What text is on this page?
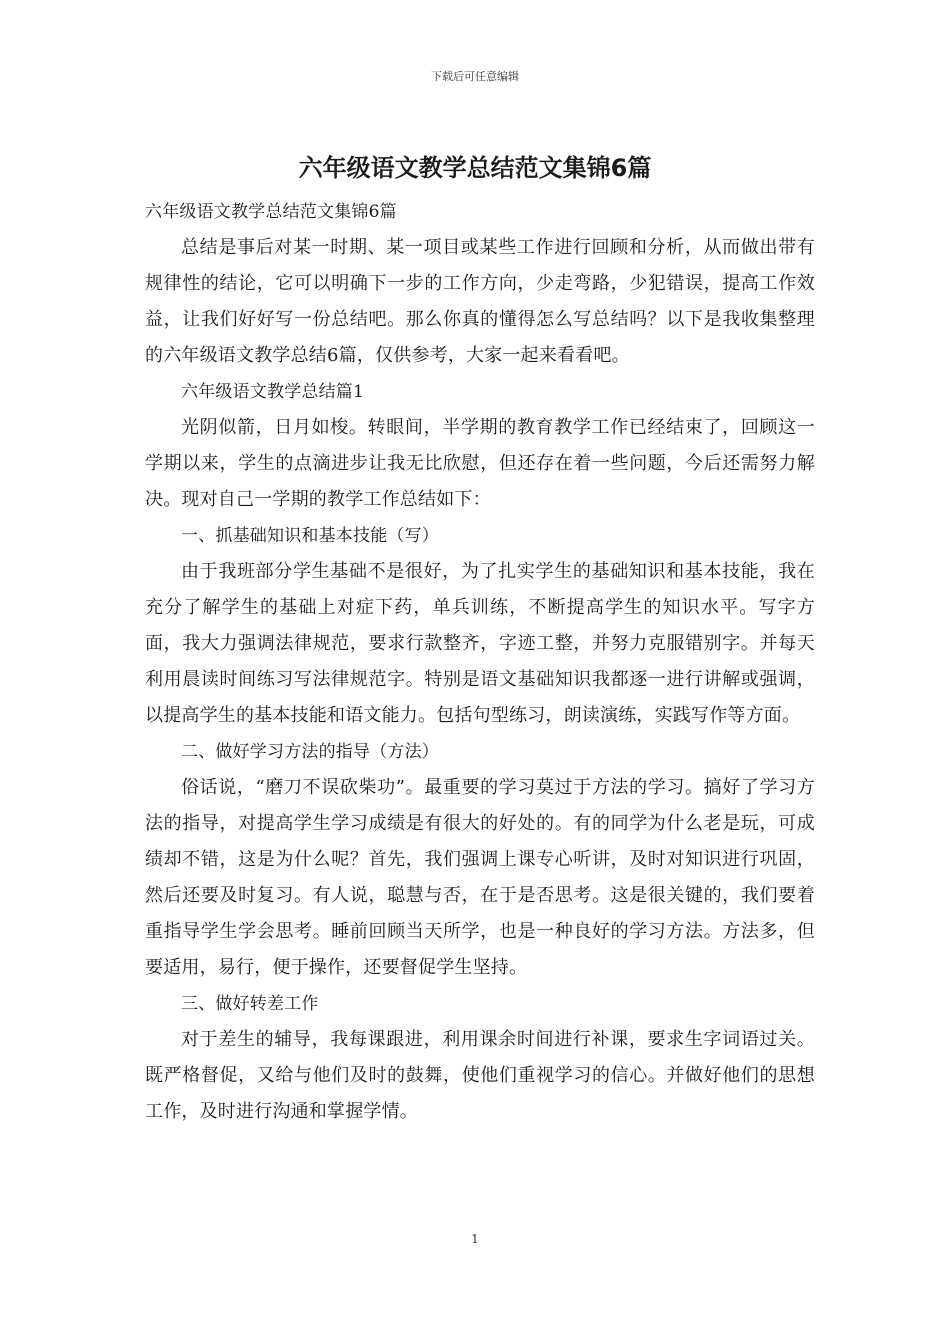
下载后可任意编辑
六年级语文教学总结范文集锦6篇

六年级语文教学总结范文集锦6篇

总结是事后对某一时期、某一项目或某些工作进行回顾和分析，从而做出带有规律性的结论，它可以明确下一步的工作方向，少走弯路，少犯错误，提高工作效益，让我们好好写一份总结吧。那么你真的懂得怎么写总结吗？以下是我收集整理的六年级语文教学总结6篇，仅供参考，大家一起来看看吧。

六年级语文教学总结篇1

光阴似箭，日月如梭。转眼间，半学期的教育教学工作已经结束了，回顾这一学期以来，学生的点滴进步让我无比欣慰，但还存在着一些问题，今后还需努力解决。现对自己一学期的教学工作总结如下：

一、抓基础知识和基本技能（写）

由于我班部分学生基础不是很好，为了扎实学生的基础知识和基本技能，我在充分了解学生的基础上对症下药，单兵训练，不断提高学生的知识水平。写字方面，我大力强调法律规范，要求行款整齐，字迹工整，并努力克服错别字。并每天利用晨读时间练习写法律规范字。特别是语文基础知识我都逐一进行讲解或强调，以提高学生的基本技能和语文能力。包括句型练习，朗读演练，实践写作等方面。

二、做好学习方法的指导（方法）

俗话说，“磨刀不误砍柴功”。最重要的学习莫过于方法的学习。搞好了学习方法的指导，对提高学生学习成绩是有很大的好处的。有的同学为什么老是玩，可成绩却不错，这是为什么呢？首先，我们强调上课专心听讲，及时对知识进行巩固，然后还要及时复习。有人说，聪慧与否，在于是否思考。这是很关键的，我们要着重指导学生学会思考。睡前回顾当天所学，也是一种良好的学习方法。方法多，但要适用，易行，便于操作，还要督促学生坚持。

三、做好转差工作

对于差生的辅导，我每课跟进，利用课余时间进行补课，要求生字词语过关。既严格督促，又给与他们及时的鼓舞，使他们重视学习的信心。并做好他们的思想工作，及时进行沟通和掌握学情。

1
